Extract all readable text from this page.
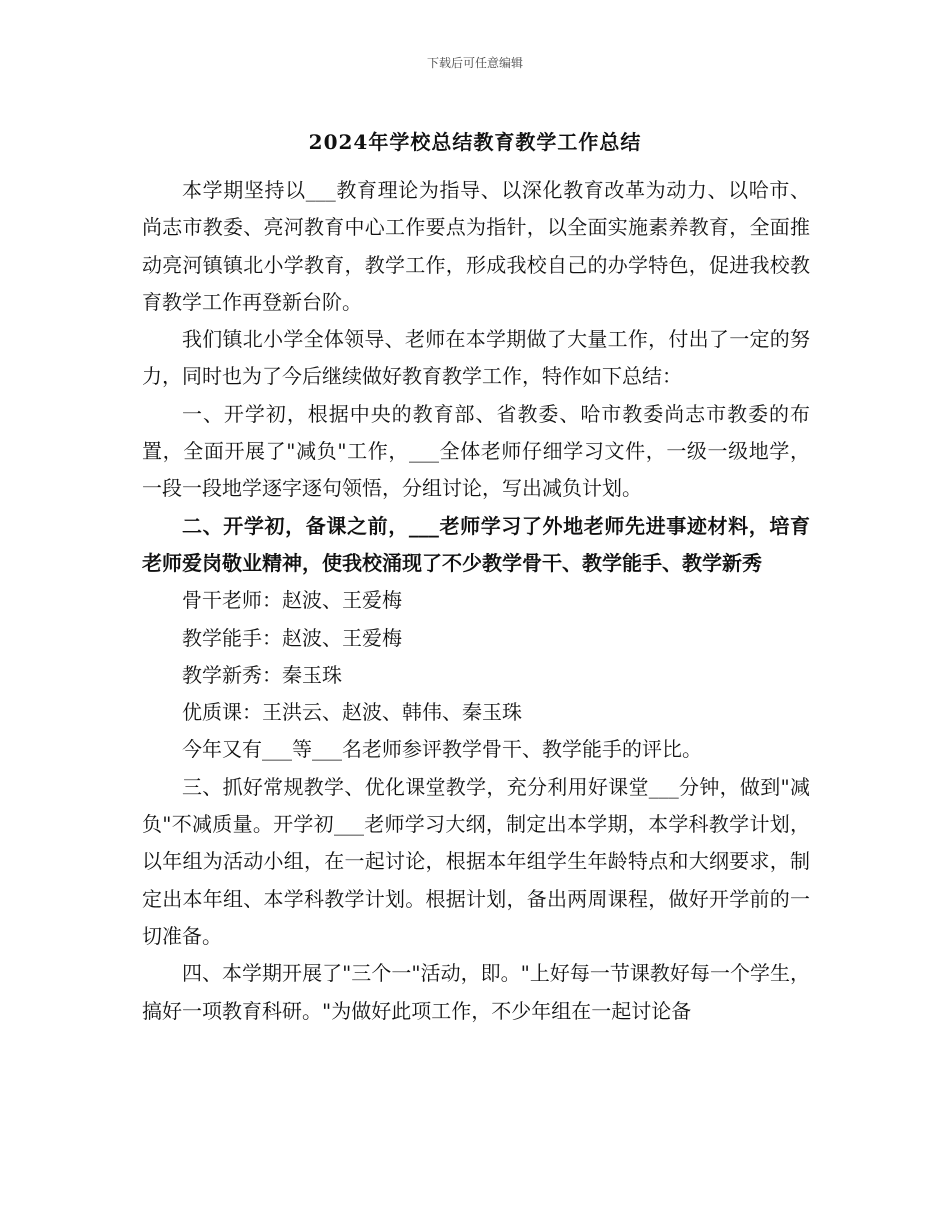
下载后可任意编辑
2024年学校总结教育教学工作总结

本学期坚持以___教育理论为指导、以深化教育改革为动力、以哈市、尚志市教委、亮河教育中心工作要点为指针，以全面实施素养教育，全面推动亮河镇镇北小学教育，教学工作，形成我校自己的办学特色，促进我校教育教学工作再登新台阶。

我们镇北小学全体领导、老师在本学期做了大量工作，付出了一定的努力，同时也为了今后继续做好教育教学工作，特作如下总结：

一、开学初，根据中央的教育部、省教委、哈市教委尚志市教委的布置，全面开展了"减负"工作，___全体老师仔细学习文件，一级一级地学，一段一段地学逐字逐句领悟，分组讨论，写出减负计划。

二、开学初，备课之前，___老师学习了外地老师先进事迹材料，培育老师爱岗敬业精神，使我校涌现了不少教学骨干、教学能手、教学新秀

骨干老师：赵波、王爱梅

教学能手：赵波、王爱梅

教学新秀：秦玉珠

优质课：王洪云、赵波、韩伟、秦玉珠

今年又有___等___名老师参评教学骨干、教学能手的评比。

三、抓好常规教学、优化课堂教学，充分利用好课堂___分钟，做到"减负"不减质量。开学初___老师学习大纲，制定出本学期，本学科教学计划，以年组为活动小组，在一起讨论，根据本年组学生年龄特点和大纲要求，制定出本年组、本学科教学计划。根据计划，备出两周课程，做好开学前的一切准备。

四、本学期开展了"三个一"活动，即。"上好每一节课教好每一个学生，搞好一项教育科研。"为做好此项工作，不少年组在一起讨论备
